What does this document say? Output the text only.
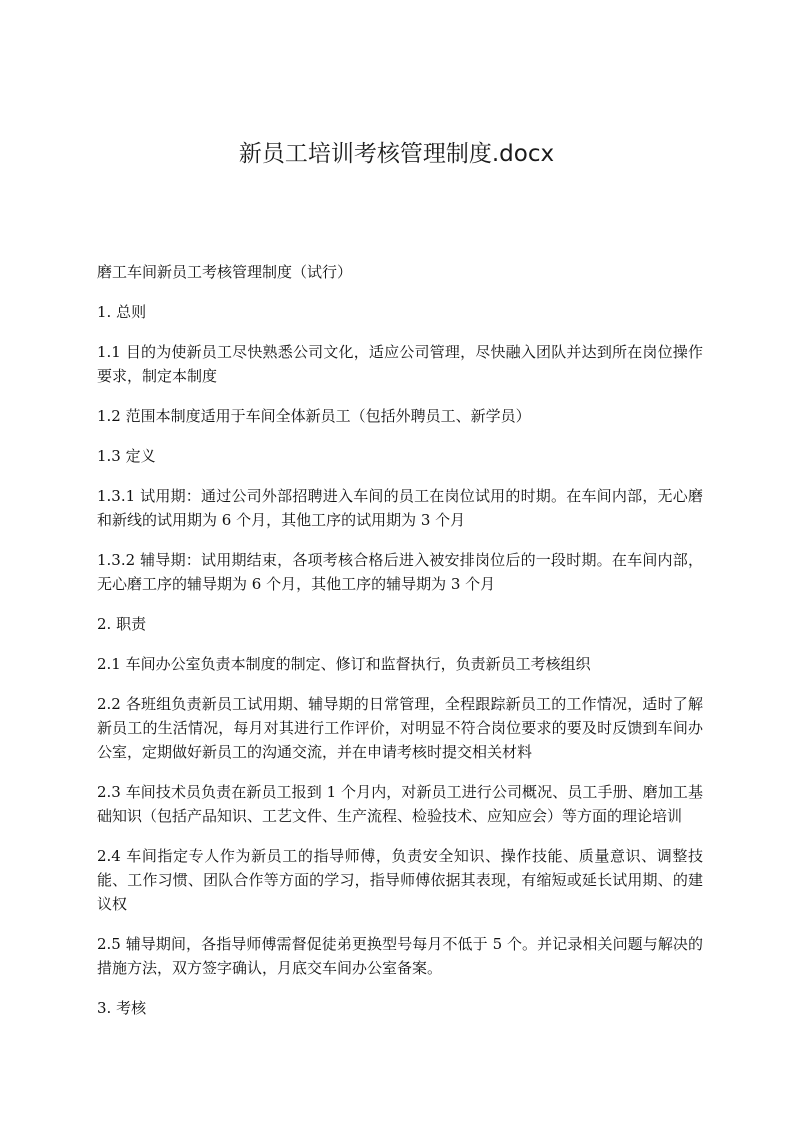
新员工培训考核管理制度.docx

磨工车间新员工考核管理制度（试行）

1. 总则

1.1 目的为使新员工尽快熟悉公司文化，适应公司管理，尽快融入团队并达到所在岗位操作要求，制定本制度

1.2 范围本制度适用于车间全体新员工（包括外聘员工、新学员）

1.3 定义

1.3.1 试用期：通过公司外部招聘进入车间的员工在岗位试用的时期。在车间内部，无心磨和新线的试用期为 6 个月，其他工序的试用期为 3 个月

1.3.2 辅导期：试用期结束，各项考核合格后进入被安排岗位后的一段时期。在车间内部，无心磨工序的辅导期为 6 个月，其他工序的辅导期为 3 个月

2. 职责

2.1 车间办公室负责本制度的制定、修订和监督执行，负责新员工考核组织

2.2 各班组负责新员工试用期、辅导期的日常管理，全程跟踪新员工的工作情况，适时了解新员工的生活情况，每月对其进行工作评价，对明显不符合岗位要求的要及时反馈到车间办公室，定期做好新员工的沟通交流，并在申请考核时提交相关材料

2.3 车间技术员负责在新员工报到 1 个月内，对新员工进行公司概况、员工手册、磨加工基础知识（包括产品知识、工艺文件、生产流程、检验技术、应知应会）等方面的理论培训

2.4 车间指定专人作为新员工的指导师傅，负责安全知识、操作技能、质量意识、调整技能、工作习惯、团队合作等方面的学习，指导师傅依据其表现，有缩短或延长试用期、的建议权

2.5 辅导期间，各指导师傅需督促徒弟更换型号每月不低于 5 个。并记录相关问题与解决的措施方法，双方签字确认，月底交车间办公室备案。

3. 考核
